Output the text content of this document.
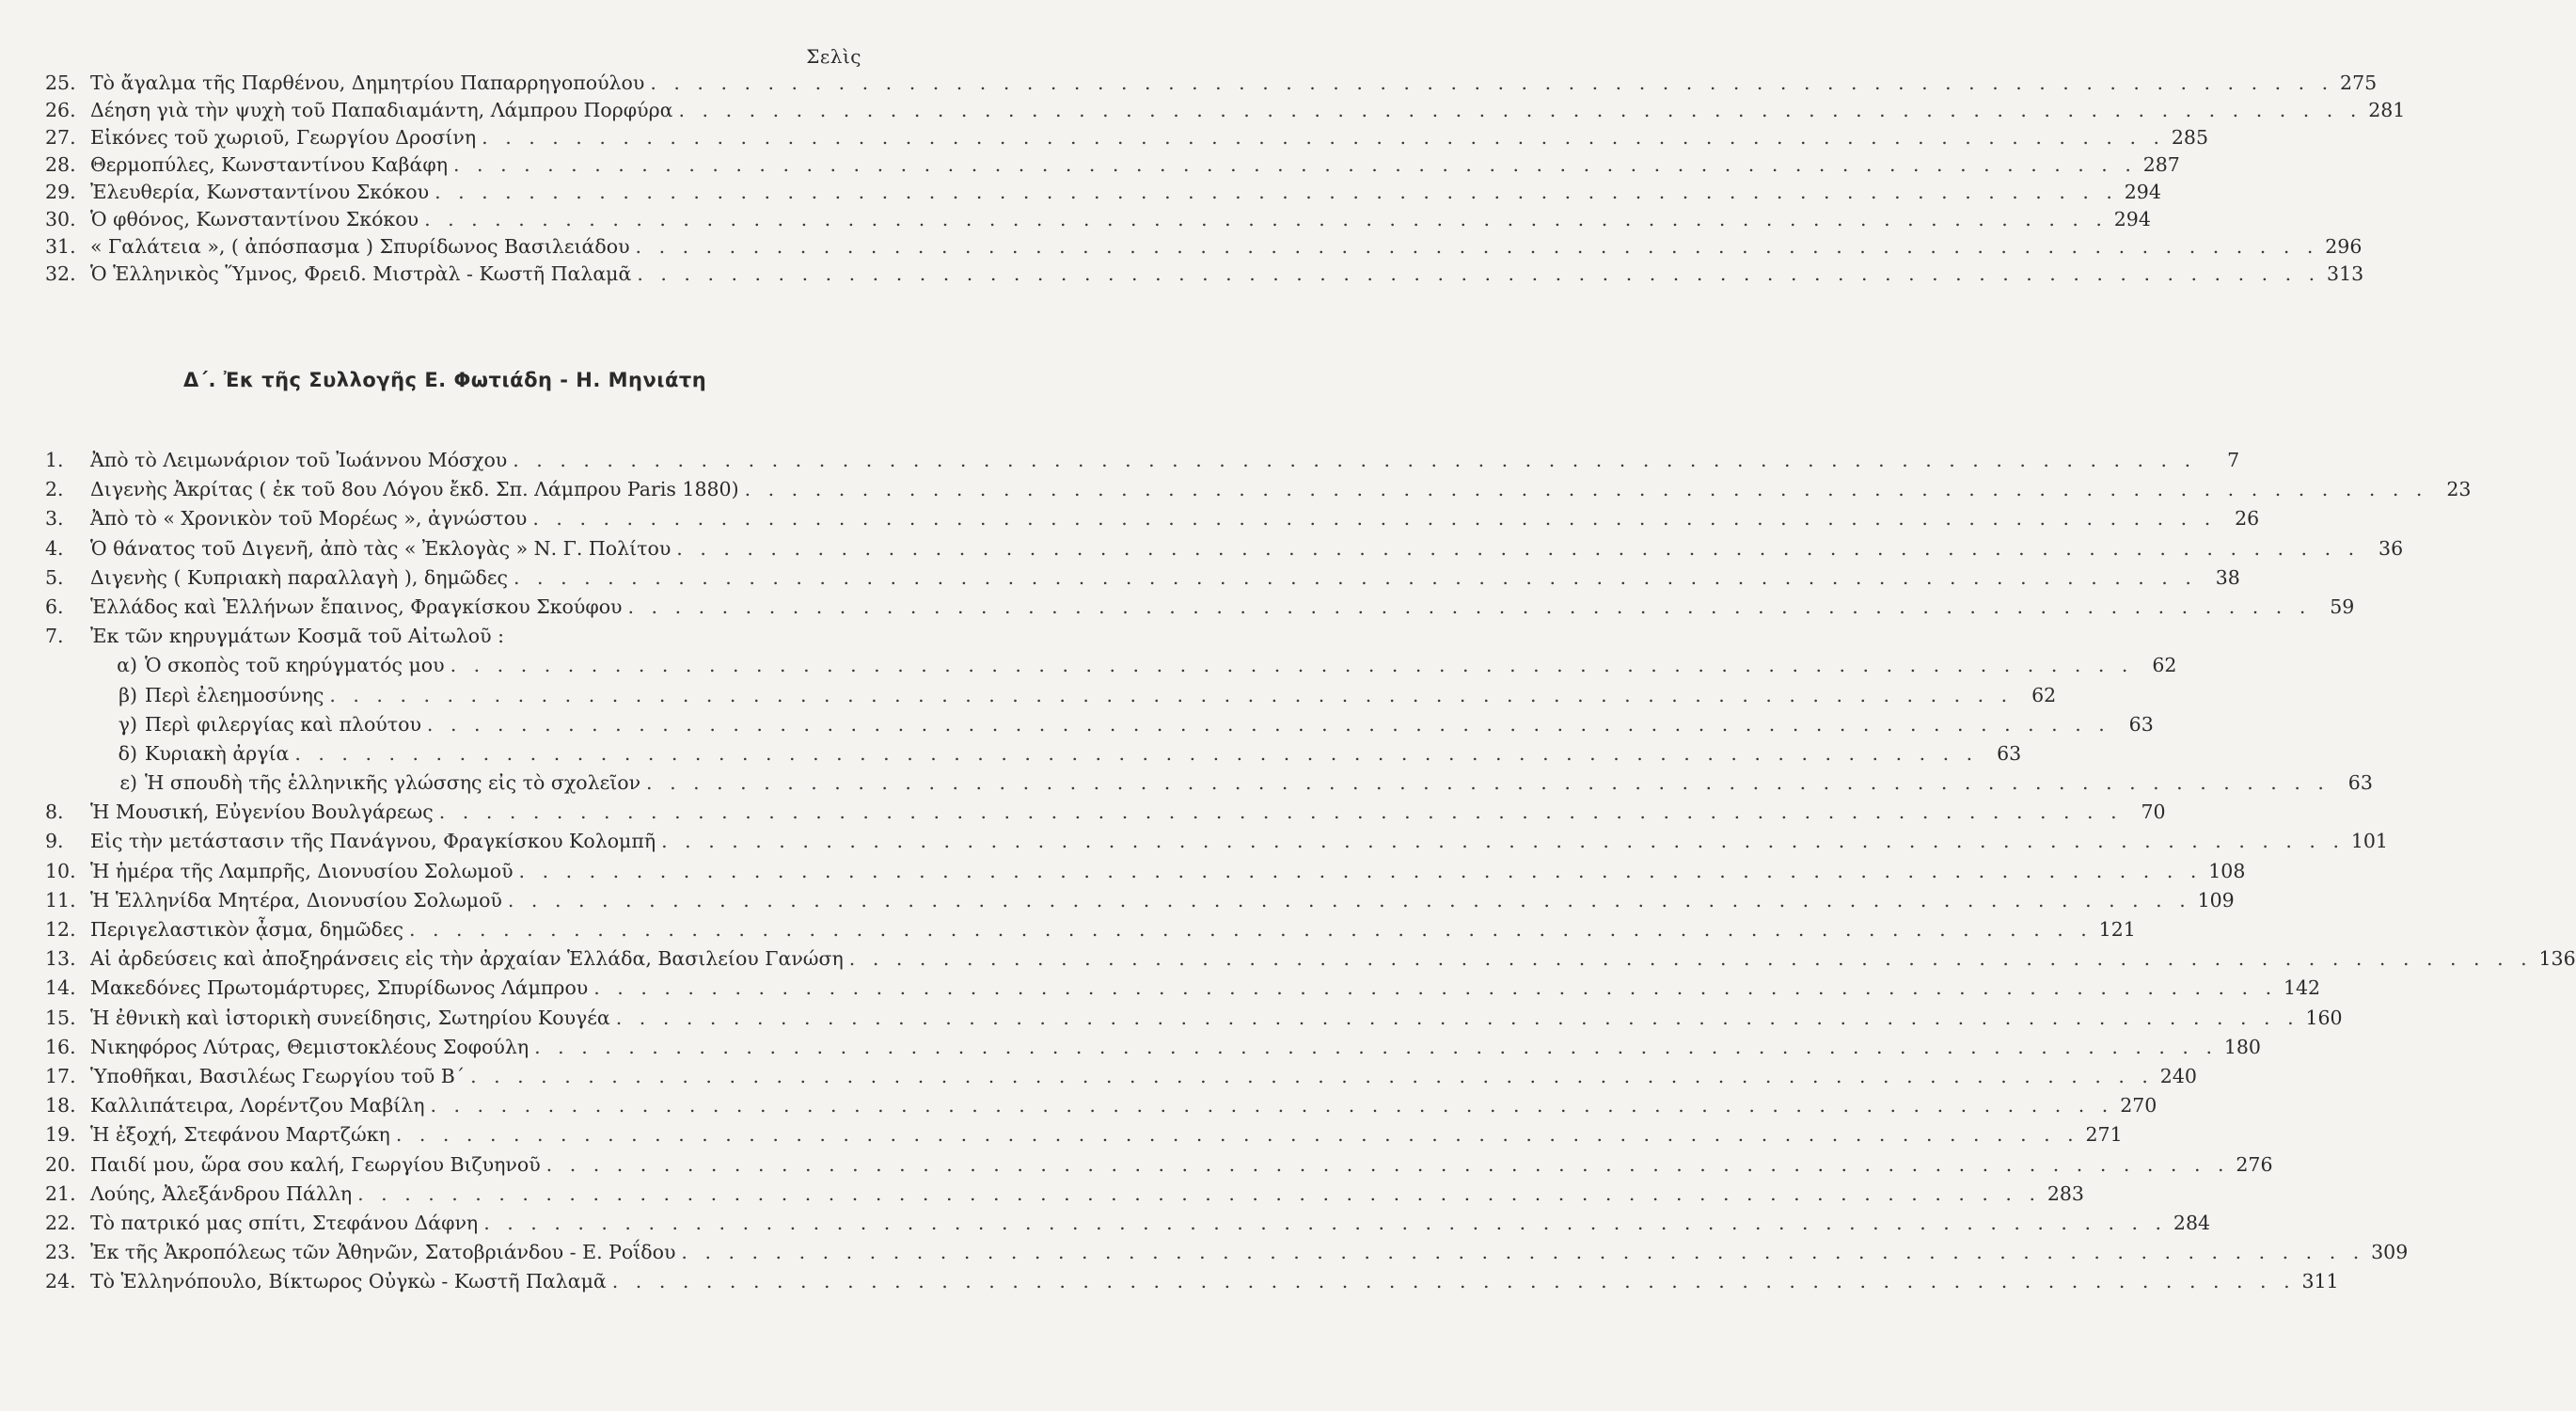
Σελὶς
25. Τὸ ἄγαλμα τῆς Παρθένου, Δημητρίου Παπαρρηγοπούλου . . .	275
26. Δέηση γιὰ τὴν ψυχὴ τοῦ Παπαδιαμάντη, Λάμπρου Πορφύρα . . .	281
27. Εἰκόνες τοῦ χωριοῦ, Γεωργίου Δροσίνη . . .	285
28. Θερμοπύλες, Κωνσταντίνου Καβάφη . . .	287
29. Ἐλευθερία, Κωνσταντίνου Σκόκου . . .	294
30. Ὁ φθόνος, Κωνσταντίνου Σκόκου . . .	294
31. « Γαλάτεια », ( ἀπόσπασμα ) Σπυρίδωνος Βασιλειάδου . . .	296
32. Ὁ Ἑλληνικὸς Ὕμνος, Φρειδ. Μιστρὰλ - Κωστῆ Παλαμᾶ . . .	313
Δ΄. Ἐκ τῆς Συλλογῆς Ε. Φωτιάδη - Η. Μηνιάτη
1.	Ἀπὸ τὸ Λειμωνάριον τοῦ Ἰωάννου Μόσχου . . .	7
2.	Διγενὴς Ἀκρίτας ( ἐκ τοῦ 8ου Λόγου ἔκδ. Σπ. Λάμπρου Paris 1880) . . .	23
3.	Ἀπὸ τὸ « Χρονικὸν τοῦ Μορέως », ἀγνώστου . . .	26
4.	Ὁ θάνατος τοῦ Διγενῆ, ἀπὸ τὰς « Ἐκλογὰς » Ν. Γ. Πολίτου . . .	36
5.	Διγενὴς ( Κυπριακὴ παραλλαγὴ ), δημῶδες . . .	38
6.	Ἑλλάδος καὶ Ἑλλήνων ἔπαινος, Φραγκίσκου Σκούφου . . .	59
7.	Ἐκ τῶν κηρυγμάτων Κοσμᾶ τοῦ Αἰτωλοῦ :
α) Ὁ σκοπὸς τοῦ κηρύγματός μου . . .	62
β) Περὶ ἐλεημοσύνης . . .	62
γ) Περὶ φιλεργίας καὶ πλούτου . . .	63
δ) Κυριακὴ ἀργία . . .	63
ε) Ἡ σπουδὴ τῆς ἑλληνικῆς γλώσσης εἰς τὸ σχολεῖον . . .	63
8.	Ἡ Μουσική, Εὐγενίου Βουλγάρεως . . .	70
9.	Εἰς τὴν μετάστασιν τῆς Πανάγνου, Φραγκίσκου Κολομπῆ . . .	101
10. Ἡ ἡμέρα τῆς Λαμπρῆς, Διονυσίου Σολωμοῦ . . .	108
11. Ἡ Ἑλληνίδα Μητέρα, Διονυσίου Σολωμοῦ . . .	109
12. Περιγελαστικὸν ᾆσμα, δημῶδες . . .	121
13. Αἱ ἀρδεύσεις καὶ ἀποξηράνσεις εἰς τὴν ἀρχαίαν Ἑλλάδα, Βασιλείου Γανώση . . .	136
14. Μακεδόνες Πρωτομάρτυρες, Σπυρίδωνος Λάμπρου . . .	142
15. Ἡ ἐθνικὴ καὶ ἱστορικὴ συνείδησις, Σωτηρίου Κουγέα . . .	160
16. Νικηφόρος Λύτρας, Θεμιστοκλέους Σοφούλη . . .	180
17. Ὑποθῆκαι, Βασιλέως Γεωργίου τοῦ Β΄ . . .	240
18. Καλλιπάτειρα, Λορέντζου Μαβίλη . . .	270
19. Ἡ ἐξοχή, Στεφάνου Μαρτζώκη . . .	271
20. Παιδί μου, ὥρα σου καλή, Γεωργίου Βιζυηνοῦ . . .	276
21. Λούης, Ἀλεξάνδρου Πάλλη . . .	283
22. Τὸ πατρικό μας σπίτι, Στεφάνου Δάφνη . . .	284
23. Ἐκ τῆς Ἀκροπόλεως τῶν Ἀθηνῶν, Σατοβριάνδου - Ε. Ροΐδου . . .	309
24. Τὸ Ἑλληνόπουλο, Βίκτωρος Οὐγκὼ - Κωστῆ Παλαμᾶ . . .	311
